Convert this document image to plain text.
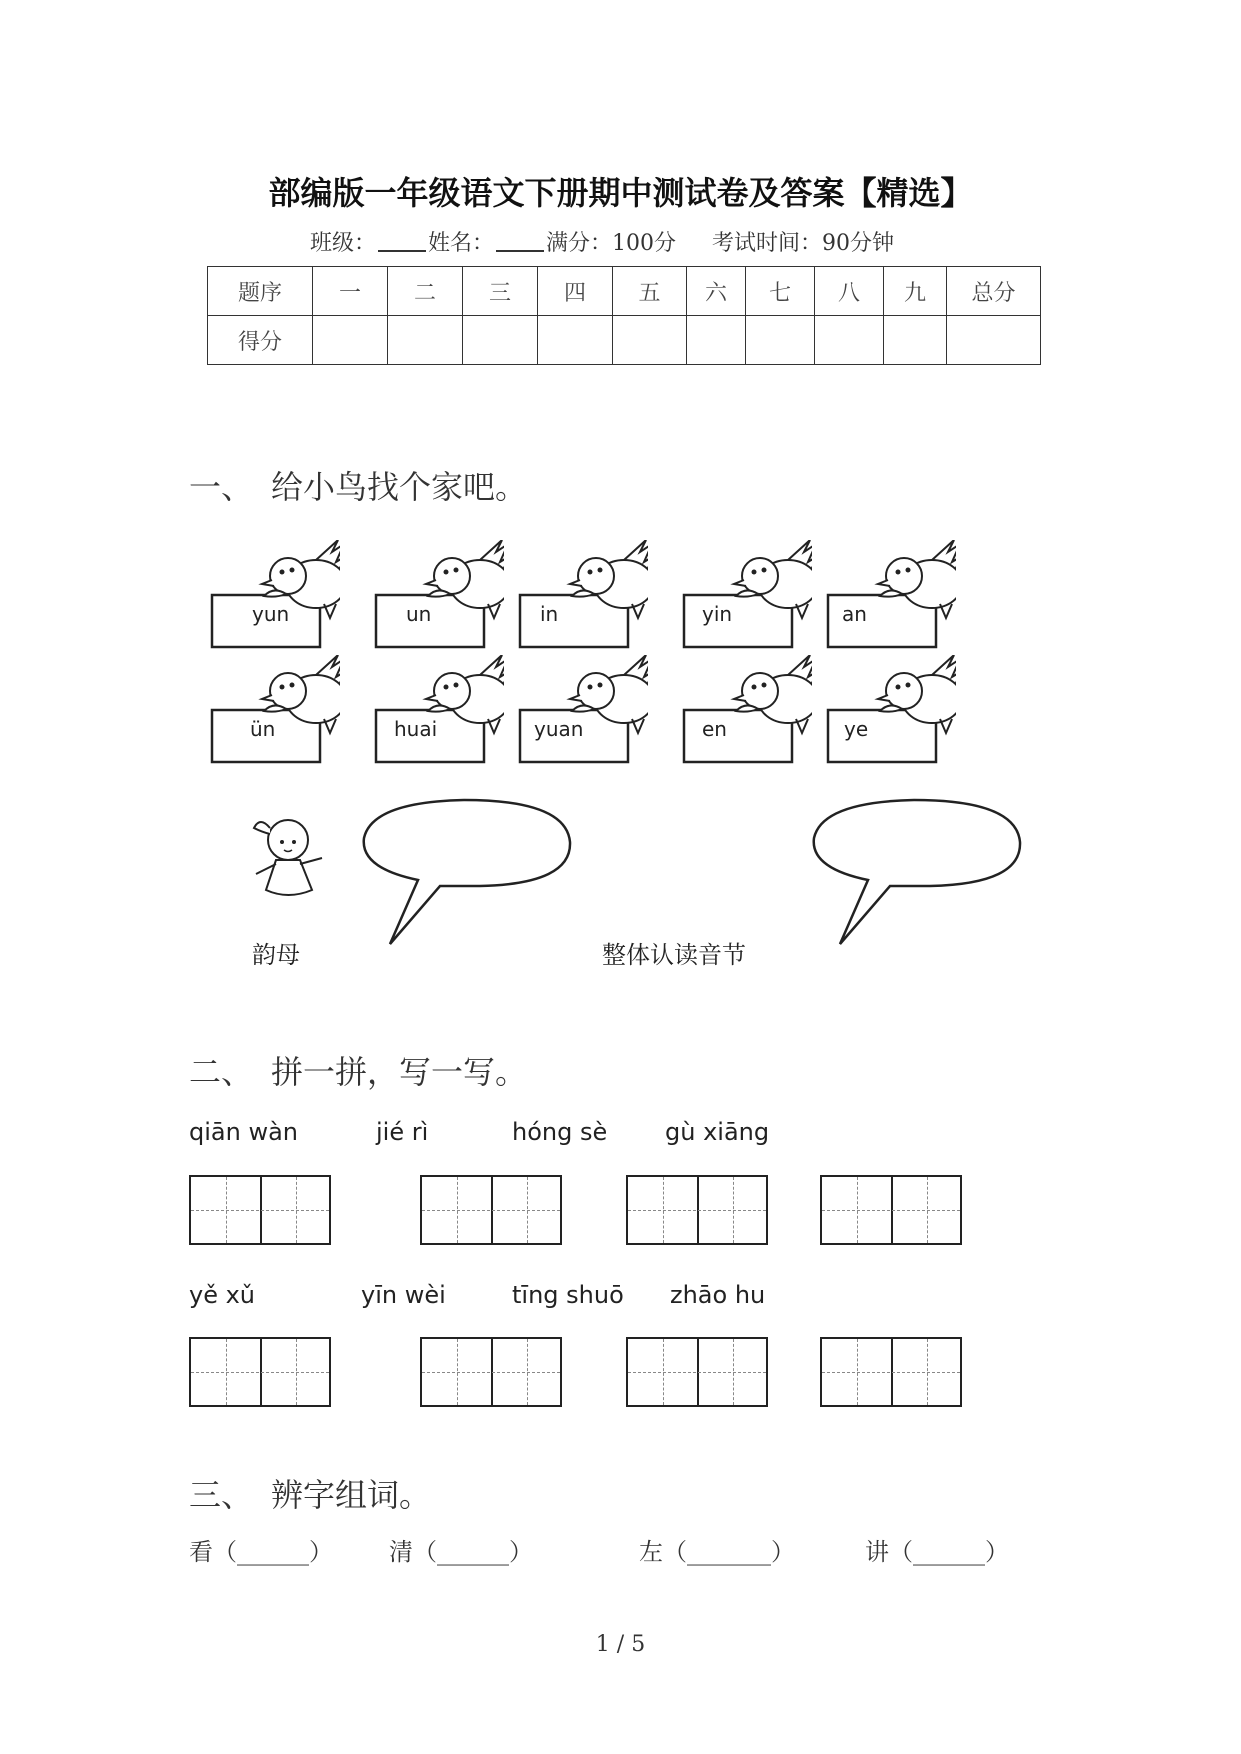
部编版一年级语文下册期中测试卷及答案【精选】
班级： 姓名： 满分：100分 考试时间：90分钟
题序	一	二	三	四	五	六	七	八	九	总分
得分										
一、 给小鸟找个家吧。
yun	un	in	yin	an
ün	huai	yuan	en	ye
韵母	整体认读音节
二、 拼一拼，写一写。
qiān wàn	jié rì	hóng sè gù xiāng
yě xǔ	yīn wèi	tīng shuō zhāo hu
三、 辨字组词。
看（______） 清（______）	左（_______）	讲（______）
1 / 5
